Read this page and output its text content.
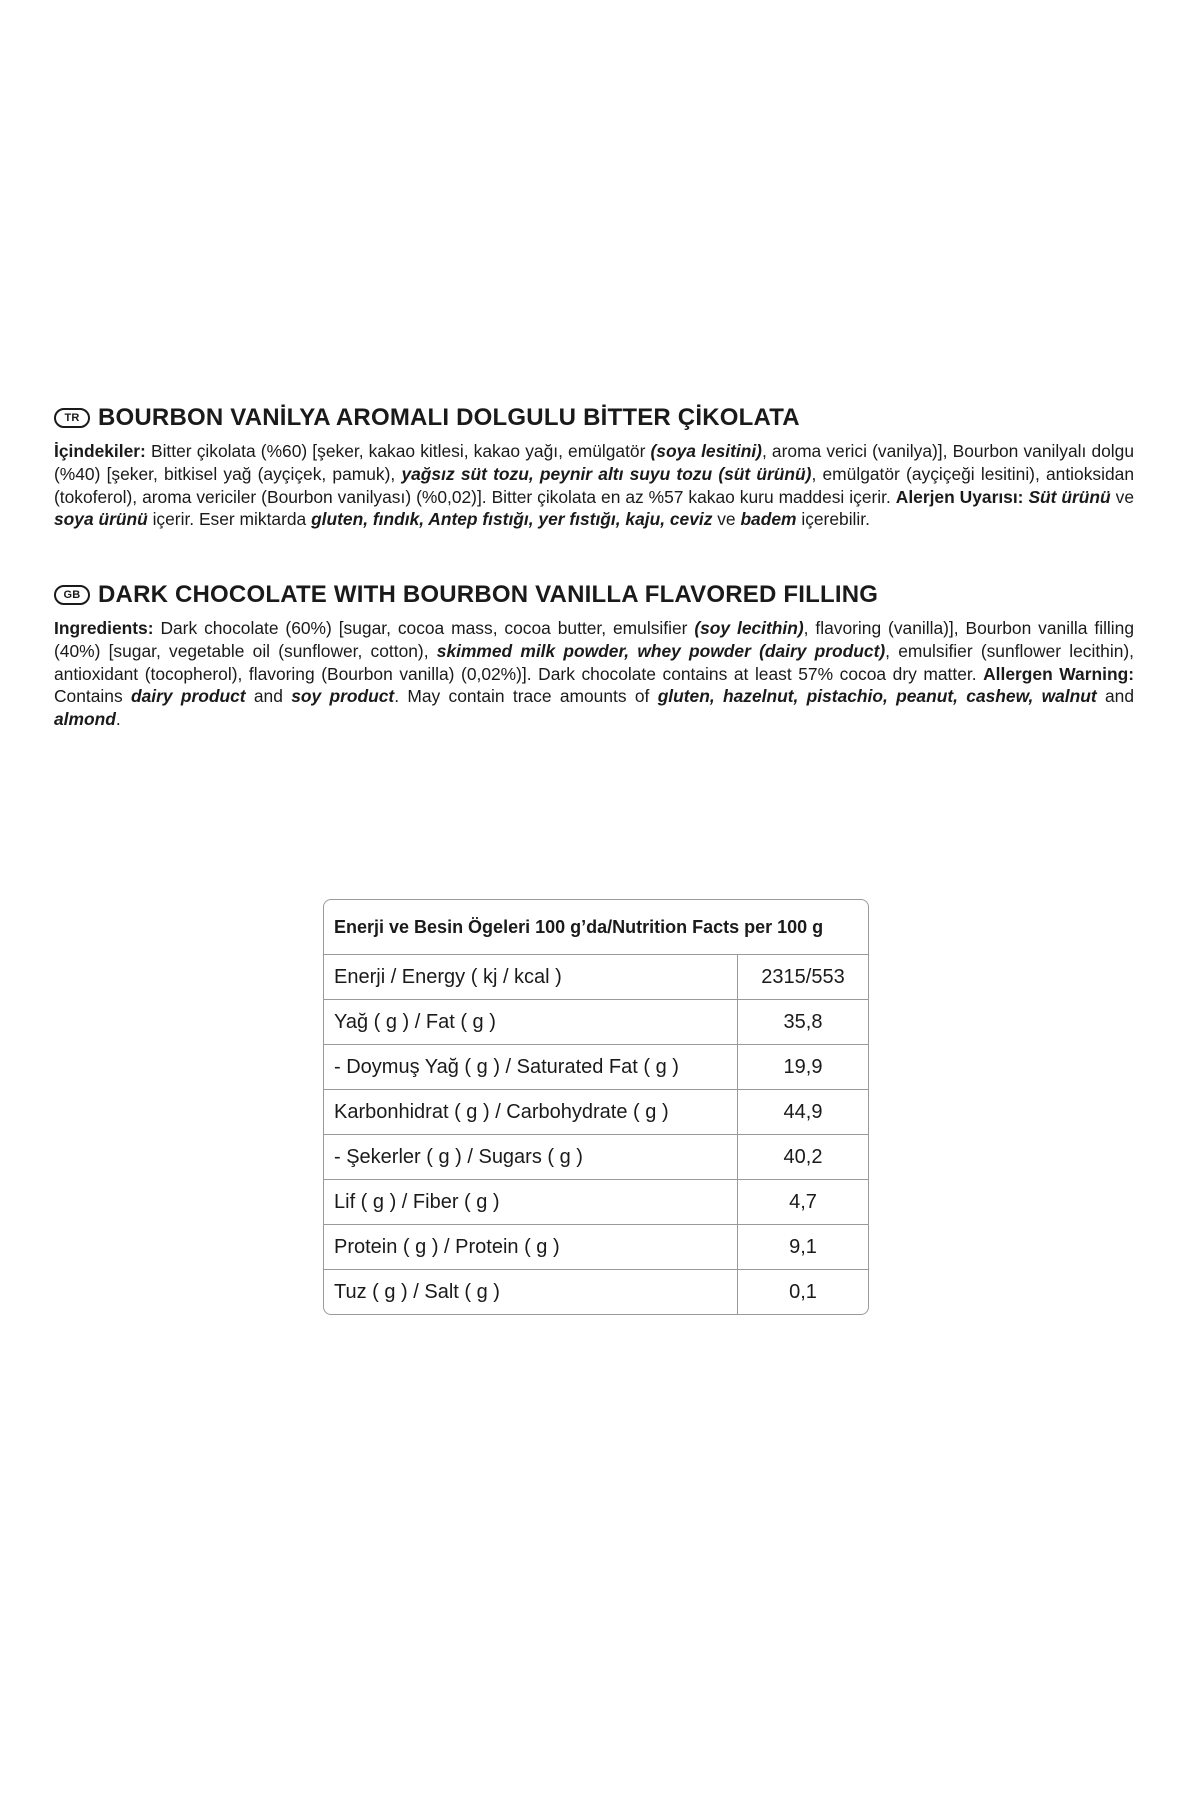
TR BOURBON VANİLYA AROMALI DOLGULU BİTTER ÇİKOLATA

İçindekiler: Bitter çikolata (%60) [şeker, kakao kitlesi, kakao yağı, emülgatör (soya lesitini), aroma verici (vanilya)], Bourbon vanilyalı dolgu (%40) [şeker, bitkisel yağ (ayçiçek, pamuk), yağsız süt tozu, peynir altı suyu tozu (süt ürünü), emülgatör (ayçiçeği lesitini), antioksidan (tokoferol), aroma vericiler (Bourbon vanilyası) (%0,02)]. Bitter çikolata en az %57 kakao kuru maddesi içerir. Alerjen Uyarısı: Süt ürünü ve soya ürünü içerir. Eser miktarda gluten, fındık, Antep fıstığı, yer fıstığı, kaju, ceviz ve badem içerebilir.

GB DARK CHOCOLATE WITH BOURBON VANILLA FLAVORED FILLING

Ingredients: Dark chocolate (60%) [sugar, cocoa mass, cocoa butter, emulsifier (soy lecithin), flavoring (vanilla)], Bourbon vanilla filling (40%) [sugar, vegetable oil (sunflower, cotton), skimmed milk powder, whey powder (dairy product), emulsifier (sunflower lecithin), antioxidant (tocopherol), flavoring (Bourbon vanilla) (0,02%)]. Dark chocolate contains at least 57% cocoa dry matter. Allergen Warning: Contains dairy product and soy product. May contain trace amounts of gluten, hazelnut, pistachio, peanut, cashew, walnut and almond.

Enerji ve Besin Ögeleri 100 g’da/Nutrition Facts per 100 g	
Enerji / Energy ( kj / kcal )	2315/553
Yağ ( g ) / Fat ( g )	35,8
- Doymuş Yağ ( g ) / Saturated Fat ( g )	19,9
Karbonhidrat ( g ) / Carbohydrate ( g )	44,9
- Şekerler ( g ) / Sugars ( g )	40,2
Lif ( g ) / Fiber ( g )	4,7
Protein ( g ) / Protein ( g )	9,1
Tuz ( g ) / Salt ( g )	0,1
